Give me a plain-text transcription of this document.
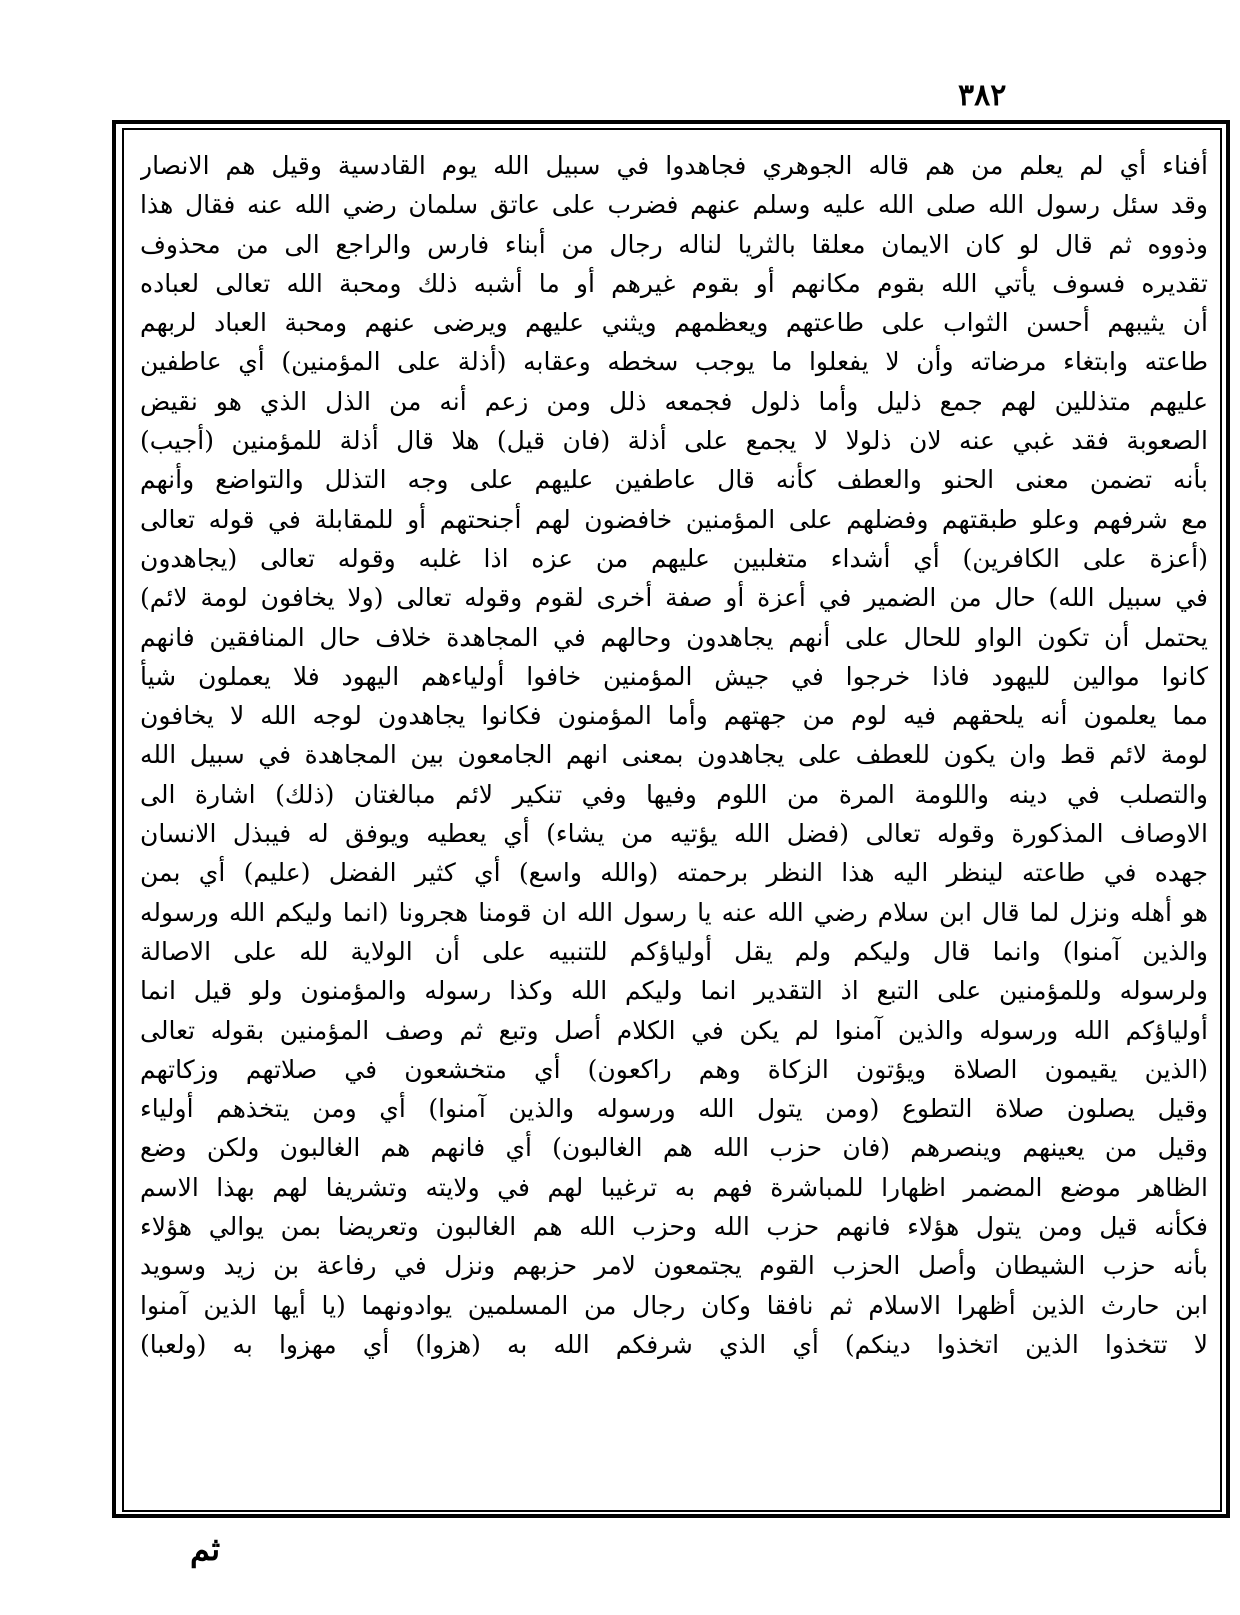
٣٨٢
أفناء أي لم يعلم من هم قاله الجوهري فجاهدوا في سبيل الله يوم القادسية وقيل هم الانصار
وقد سئل رسول الله صلى الله عليه وسلم عنهم فضرب على عاتق سلمان رضي الله عنه فقال هذا
وذووه ثم قال لو كان الايمان معلقا بالثريا لناله رجال من أبناء فارس والراجع الى من محذوف
تقديره فسوف يأتي الله بقوم مكانهم أو بقوم غيرهم أو ما أشبه ذلك ومحبة الله تعالى لعباده
أن يثيبهم أحسن الثواب على طاعتهم ويعظمهم ويثني عليهم ويرضى عنهم ومحبة العباد لربهم
طاعته وابتغاء مرضاته وأن لا يفعلوا ما يوجب سخطه وعقابه (أذلة على المؤمنين) أي عاطفين
عليهم متذللين لهم جمع ذليل وأما ذلول فجمعه ذلل ومن زعم أنه من الذل الذي هو نقيض
الصعوبة فقد غبي عنه لان ذلولا لا يجمع على أذلة (فان قيل) هلا قال أذلة للمؤمنين (أجيب)
بأنه تضمن معنى الحنو والعطف كأنه قال عاطفين عليهم على وجه التذلل والتواضع وأنهم
مع شرفهم وعلو طبقتهم وفضلهم على المؤمنين خافضون لهم أجنحتهم أو للمقابلة في قوله تعالى
(أعزة على الكافرين) أي أشداء متغلبين عليهم من عزه اذا غلبه وقوله تعالى (يجاهدون
في سبيل الله) حال من الضمير في أعزة أو صفة أخرى لقوم وقوله تعالى (ولا يخافون لومة لائم)
يحتمل أن تكون الواو للحال على أنهم يجاهدون وحالهم في المجاهدة خلاف حال المنافقين فانهم
كانوا موالين لليهود فاذا خرجوا في جيش المؤمنين خافوا أولياءهم اليهود فلا يعملون شيأ
مما يعلمون أنه يلحقهم فيه لوم من جهتهم وأما المؤمنون فكانوا يجاهدون لوجه الله لا يخافون
لومة لائم قط وان يكون للعطف على يجاهدون بمعنى انهم الجامعون بين المجاهدة في سبيل الله
والتصلب في دينه واللومة المرة من اللوم وفيها وفي تنكير لائم مبالغتان (ذلك) اشارة الى
الاوصاف المذكورة وقوله تعالى (فضل الله يؤتيه من يشاء) أي يعطيه ويوفق له فيبذل الانسان
جهده في طاعته لينظر اليه هذا النظر برحمته (والله واسع) أي كثير الفضل (عليم) أي بمن
هو أهله ونزل لما قال ابن سلام رضي الله عنه يا رسول الله ان قومنا هجرونا (انما وليكم الله ورسوله
والذين آمنوا) وانما قال وليكم ولم يقل أولياؤكم للتنبيه على أن الولاية لله على الاصالة
ولرسوله وللمؤمنين على التبع اذ التقدير انما وليكم الله وكذا رسوله والمؤمنون ولو قيل انما
أولياؤكم الله ورسوله والذين آمنوا لم يكن في الكلام أصل وتبع ثم وصف المؤمنين بقوله تعالى
(الذين يقيمون الصلاة ويؤتون الزكاة وهم راكعون) أي متخشعون في صلاتهم وزكاتهم
وقيل يصلون صلاة التطوع (ومن يتول الله ورسوله والذين آمنوا) أي ومن يتخذهم أولياء
وقيل من يعينهم وينصرهم (فان حزب الله هم الغالبون) أي فانهم هم الغالبون ولكن وضع
الظاهر موضع المضمر اظهارا للمباشرة فهم به ترغيبا لهم في ولايته وتشريفا لهم بهذا الاسم
فكأنه قيل ومن يتول هؤلاء فانهم حزب الله وحزب الله هم الغالبون وتعريضا بمن يوالي هؤلاء
بأنه حزب الشيطان وأصل الحزب القوم يجتمعون لامر حزبهم ونزل في رفاعة بن زيد وسويد
ابن حارث الذين أظهرا الاسلام ثم نافقا وكان رجال من المسلمين يوادونهما (يا أيها الذين آمنوا
لا تتخذوا الذين اتخذوا دينكم) أي الذي شرفكم الله به (هزوا) أي مهزوا به (ولعبا)
ثم
